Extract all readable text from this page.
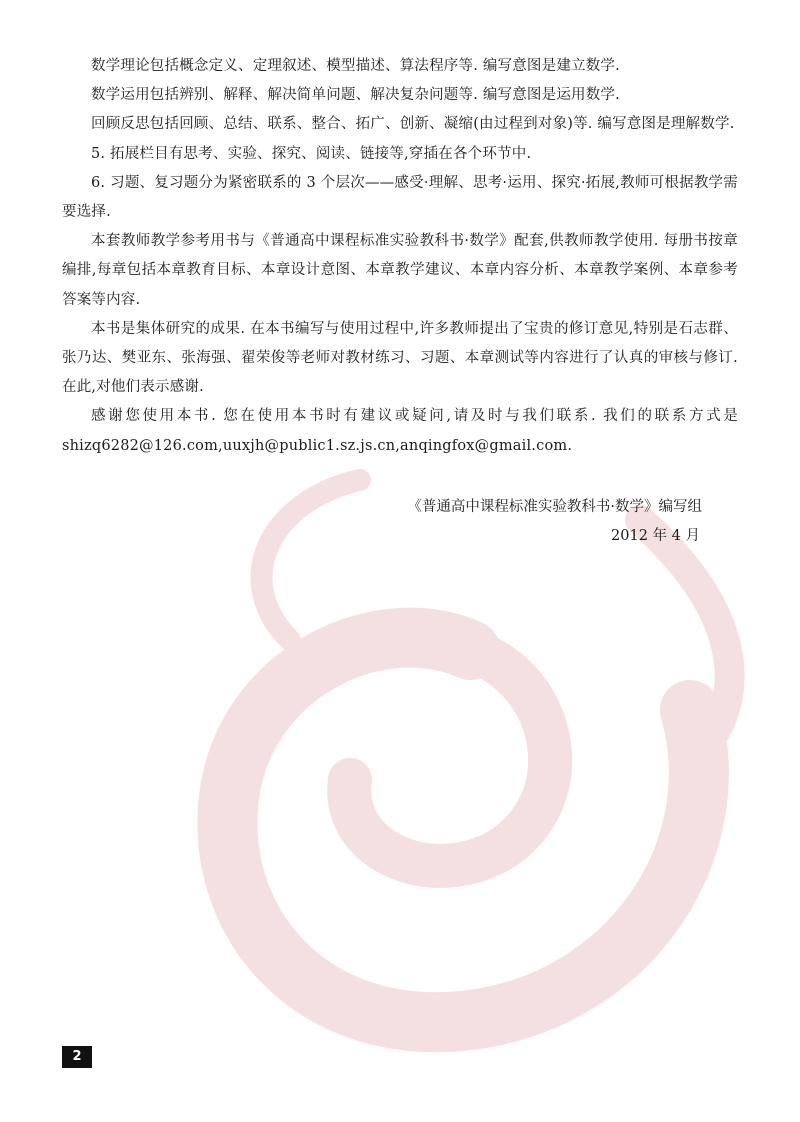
数学理论包括概念定义、定理叙述、模型描述、算法程序等. 编写意图是建立数学.

数学运用包括辨别、解释、解决简单问题、解决复杂问题等. 编写意图是运用数学.

回顾反思包括回顾、总结、联系、整合、拓广、创新、凝缩(由过程到对象)等. 编写意图是理解数学.

5. 拓展栏目有思考、实验、探究、阅读、链接等,穿插在各个环节中.

6. 习题、复习题分为紧密联系的 3 个层次——感受·理解、思考·运用、探究·拓展,教师可根据教学需要选择.

本套教师教学参考用书与《普通高中课程标准实验教科书·数学》配套,供教师教学使用. 每册书按章编排,每章包括本章教育目标、本章设计意图、本章教学建议、本章内容分析、本章教学案例、本章参考答案等内容.

本书是集体研究的成果. 在本书编写与使用过程中,许多教师提出了宝贵的修订意见,特别是石志群、张乃达、樊亚东、张海强、翟荣俊等老师对教材练习、习题、本章测试等内容进行了认真的审核与修订. 在此,对他们表示感谢.

感谢您使用本书. 您在使用本书时有建议或疑问,请及时与我们联系. 我们的联系方式是shizq6282@126.com,uuxjh@public1.sz.js.cn,anqingfox@gmail.com.

《普通高中课程标准实验教科书·数学》编写组
2012 年 4 月
2
